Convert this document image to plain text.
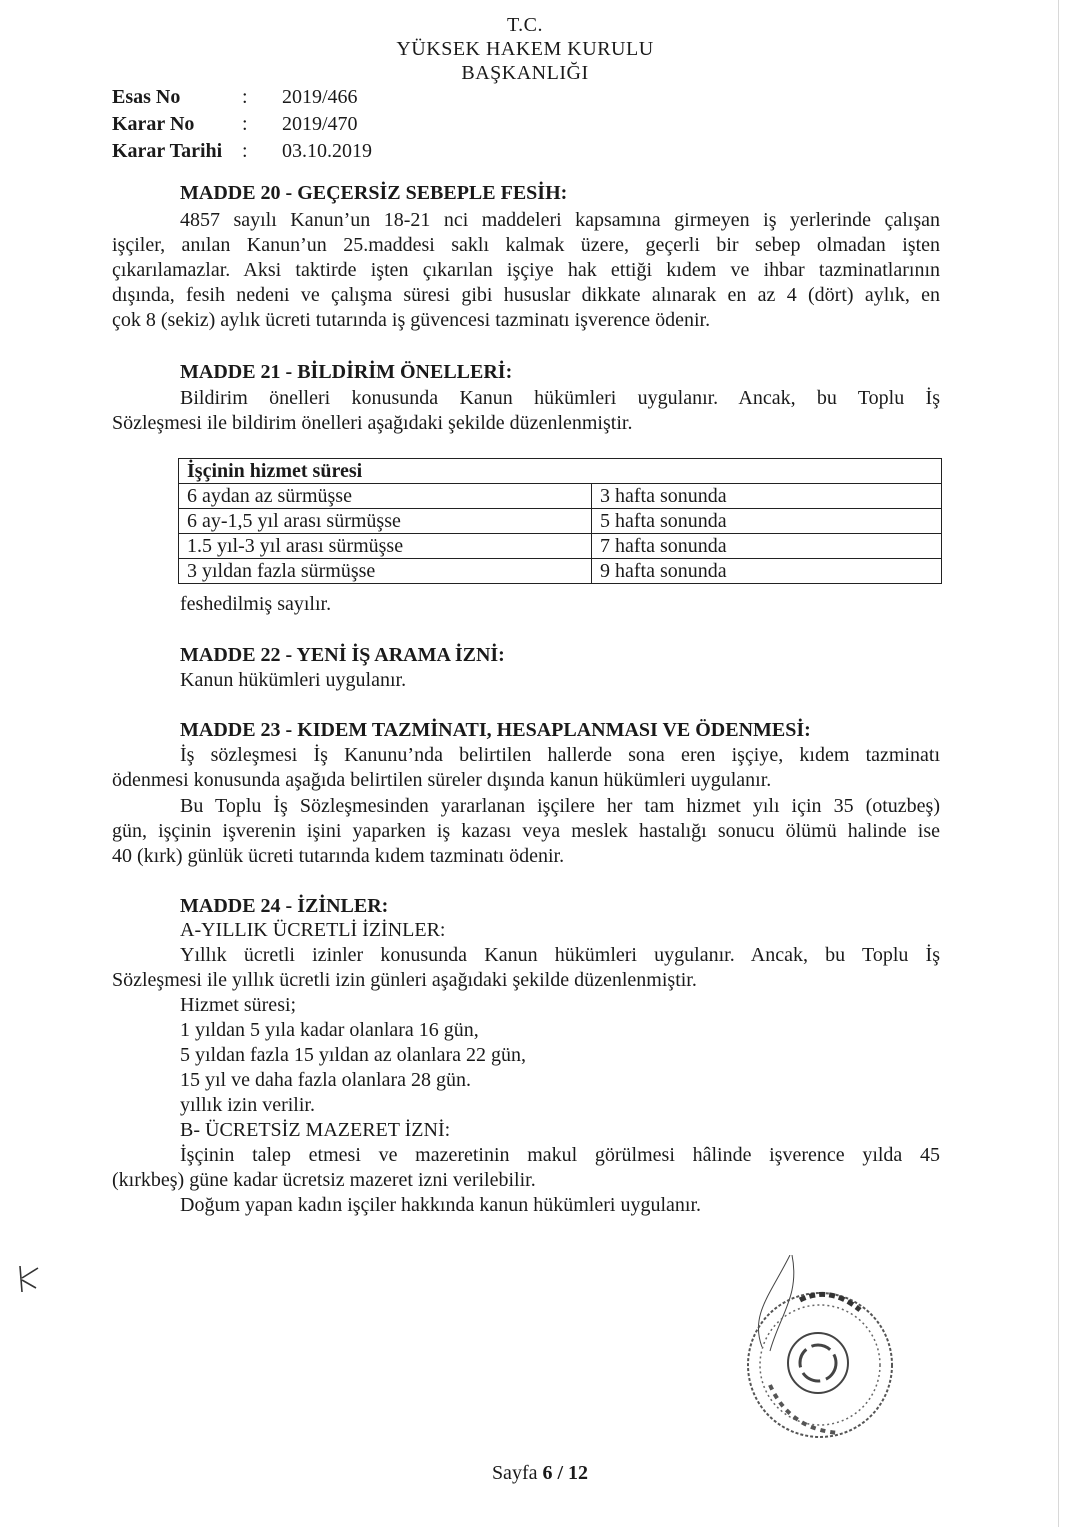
T.C.
YÜKSEK HAKEM KURULU
BAŞKANLIĞI
Esas No	:	2019/466
Karar No	:	2019/470
Karar Tarihi :	03.10.2019
MADDE 20 - GEÇERSİZ SEBEPLE FESİH:
4857 sayılı Kanun’un 18-21 nci maddeleri kapsamına girmeyen iş yerlerinde çalışan
işçiler, anılan Kanun’un 25.maddesi saklı kalmak üzere, geçerli bir sebep olmadan işten
çıkarılamazlar. Aksi taktirde işten çıkarılan işçiye hak ettiği kıdem ve ihbar tazminatlarının
dışında, fesih nedeni ve çalışma süresi gibi hususlar dikkate alınarak en az 4 (dört) aylık, en
çok 8 (sekiz) aylık ücreti tutarında iş güvencesi tazminatı işverence ödenir.
MADDE 21 - BİLDİRİM ÖNELLERİ:
Bildirim önelleri konusunda Kanun hükümleri uygulanır. Ancak, bu Toplu İş
Sözleşmesi ile bildirim önelleri aşağıdaki şekilde düzenlenmiştir.
İşçinin hizmet süresi	
6 aydan az sürmüşse	3 hafta sonunda
6 ay-1,5 yıl arası sürmüşse	5 hafta sonunda
1.5 yıl-3 yıl arası sürmüşse	7 hafta sonunda
3 yıldan fazla sürmüşse	9 hafta sonunda
feshedilmiş sayılır.
MADDE 22 - YENİ İŞ ARAMA İZNİ:
Kanun hükümleri uygulanır.
MADDE 23 - KIDEM TAZMİNATI, HESAPLANMASI VE ÖDENMESİ:
İş sözleşmesi İş Kanunu’nda belirtilen hallerde sona eren işçiye, kıdem tazminatı
ödenmesi konusunda aşağıda belirtilen süreler dışında kanun hükümleri uygulanır.
Bu Toplu İş Sözleşmesinden yararlanan işçilere her tam hizmet yılı için 35 (otuzbeş)
gün, işçinin işverenin işini yaparken iş kazası veya meslek hastalığı sonucu ölümü halinde ise
40 (kırk) günlük ücreti tutarında kıdem tazminatı ödenir.
MADDE 24 - İZİNLER:
A-YILLIK ÜCRETLİ İZİNLER:
Yıllık ücretli izinler konusunda Kanun hükümleri uygulanır. Ancak, bu Toplu İş
Sözleşmesi ile yıllık ücretli izin günleri aşağıdaki şekilde düzenlenmiştir.
Hizmet süresi;
1 yıldan 5 yıla kadar olanlara 16 gün,
5 yıldan fazla 15 yıldan az olanlara 22 gün,
15 yıl ve daha fazla olanlara 28 gün.
yıllık izin verilir.
B- ÜCRETSİZ MAZERET İZNİ:
İşçinin talep etmesi ve mazeretinin makul görülmesi hâlinde işverence yılda 45
(kırkbeş) güne kadar ücretsiz mazeret izni verilebilir.
Doğum yapan kadın işçiler hakkında kanun hükümleri uygulanır.
Sayfa 6 / 12
